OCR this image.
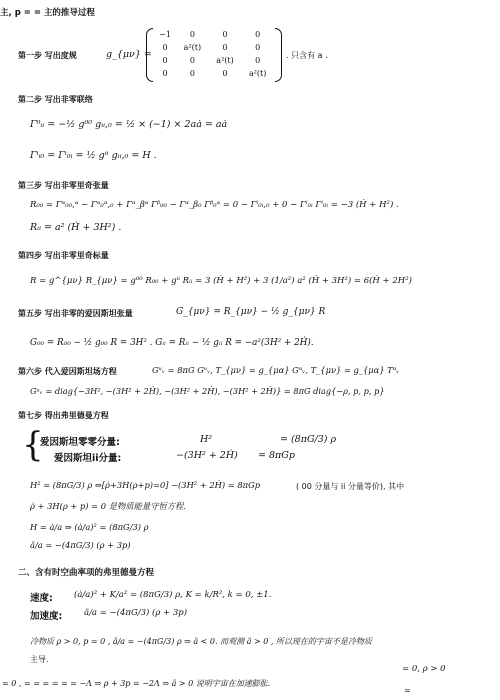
主, p = = 主的推导过程
第一步 写出度规	g_{μν} =
−1	0	0	0
0	a²(t)	0	0
0	0	a²(t)	0
0	0	0	a²(t)
. 只含有 a .
第二步 写出非零联络
Γ⁰ᵢᵢ = −½ g⁰⁰ gᵢᵢ,₀ = ½ × (−1) × 2aȧ = aȧ
Γⁱᵢ₀ = Γⁱ₀ᵢ = ½ gⁱⁱ gᵢᵢ,₀ = H .
第三步 写出非零里奇张量
R₀₀ = Γᵅ₀₀,ᵅ − Γᵅ₀ᵅ,₀ + Γᵅ_βᵅ Γᵝ₀₀ − Γᵅ_β₀ Γᵝ₀ᵅ = 0 − Γⁱ₀ᵢ,₀ + 0 − Γⁱ₀ᵢ Γⁱ₀ᵢ = −3 (Ḣ + H²) .
Rᵢᵢ = a² (Ḣ + 3H²) .
第四步 写出非零里奇标量
R = g^{μν} R_{μν} = g⁰⁰ R₀₀ + gⁱⁱ Rᵢᵢ = 3 (Ḣ + H²) + 3 (1/a²) a² (Ḣ + 3H²) = 6(Ḣ + 2H²)
第五步 写出非零的爱因斯坦张量	G_{μν} = R_{μν} − ½ g_{μν} R
G₀₀ = R₀₀ − ½ g₀₀ R = 3H² . Gᵢᵢ = Rᵢᵢ − ½ gᵢᵢ R = −a²(3H² + 2Ḣ).
第六步 代入爱因斯坦场方程	Gᵘᵥ = 8πG Gᵘᵥ, T_{μν} = g_{μα} Gᵅᵥ, T_{μν} = g_{μα} Tᵅᵥ
Gᵘᵥ = diag{−3H², −(3H² + 2Ḣ), −(3H² + 2Ḣ), −(3H² + 2Ḣ)} = 8πG diag{−ρ, p, p, p}
第七步 得出弗里德曼方程
{
爱因斯坦零零分量:	H²	= (8πG/3) ρ
爱因斯坦ii分量:	−(3H² + 2Ḣ) = 8πGp
H² = (8πG/3) ρ ⇔[ρ̇+3H(ρ+p)=0] −(3H² + 2Ḣ) = 8πGp	( 00 分量与 ii 分量等价), 其中
ρ̇ + 3H(ρ + p) = 0 是物质能量守恒方程.
H = ȧ/a ⇒ (ȧ/a)² = (8πG/3) ρ
ä/a = −(4πG/3) (ρ + 3p)
二、含有时空曲率项的弗里德曼方程
速度: (ȧ/a)² + K/a² = (8πG/3) ρ, K = k/R², k = 0, ±1.
加速度:	ä/a = −(4πG/3) (ρ + 3p)
冷物质 ρ > 0, p = 0 , ä/a = −(4πG/3) ρ ⇒ ä < 0. 而观测 ä > 0 , 所以现在的宇宙不是冷物质
主导.
= 0, ρ > 0
= 0 , = = = = = = −Λ ⇒ ρ + 3p = −2Λ ⇒ ä > 0 说明宇宙在加速膨胀.
=
